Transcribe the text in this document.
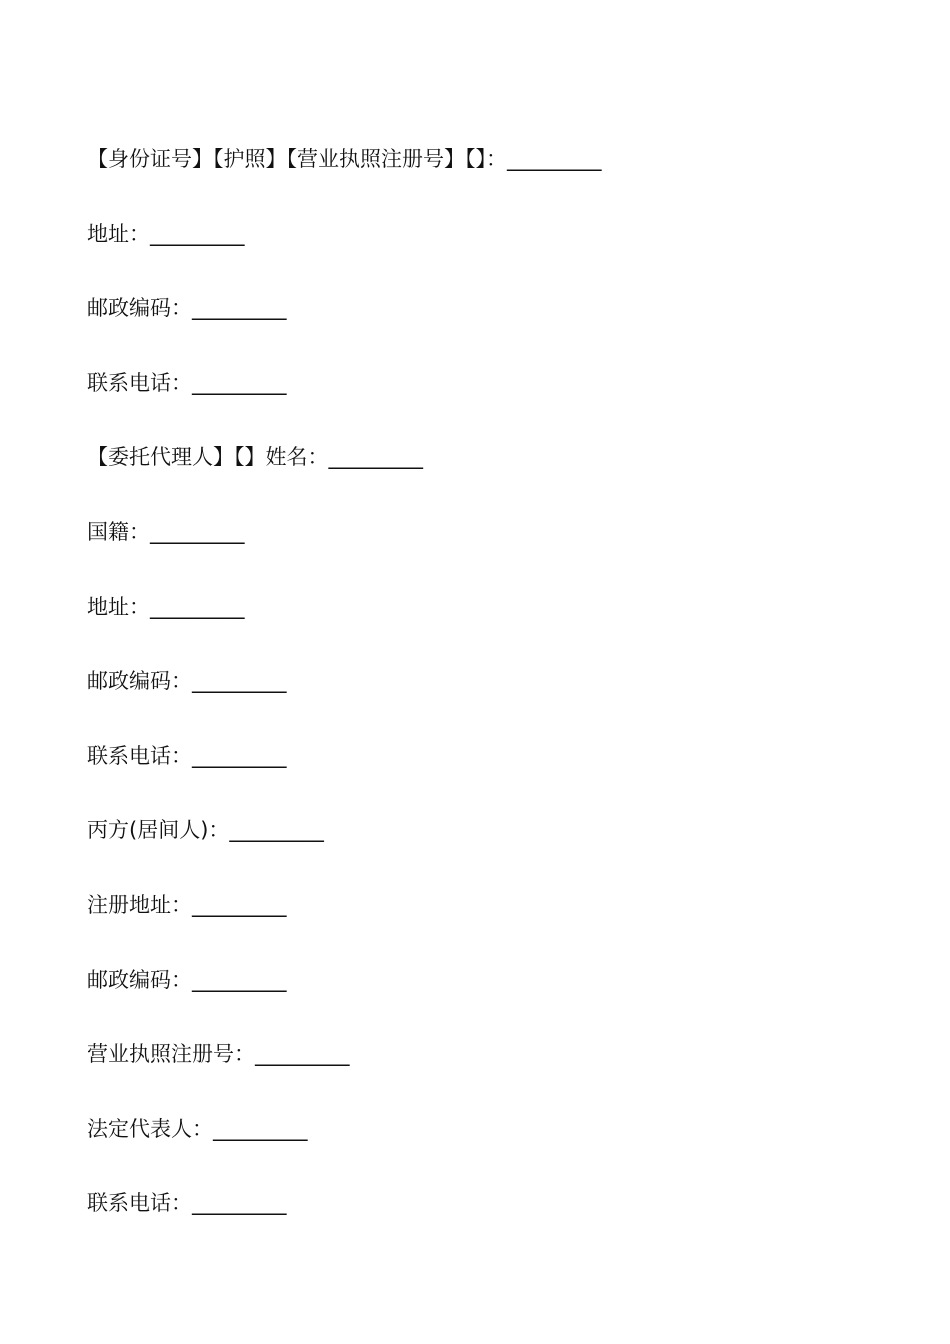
【身份证号】【护照】【营业执照注册号】【】：_________
地址：_________
邮政编码：_________
联系电话：_________
【委托代理人】【】姓名：_________
国籍：_________
地址：_________
邮政编码：_________
联系电话：_________
丙方(居间人)：_________
注册地址：_________
邮政编码：_________
营业执照注册号：_________
法定代表人：_________
联系电话：_________
